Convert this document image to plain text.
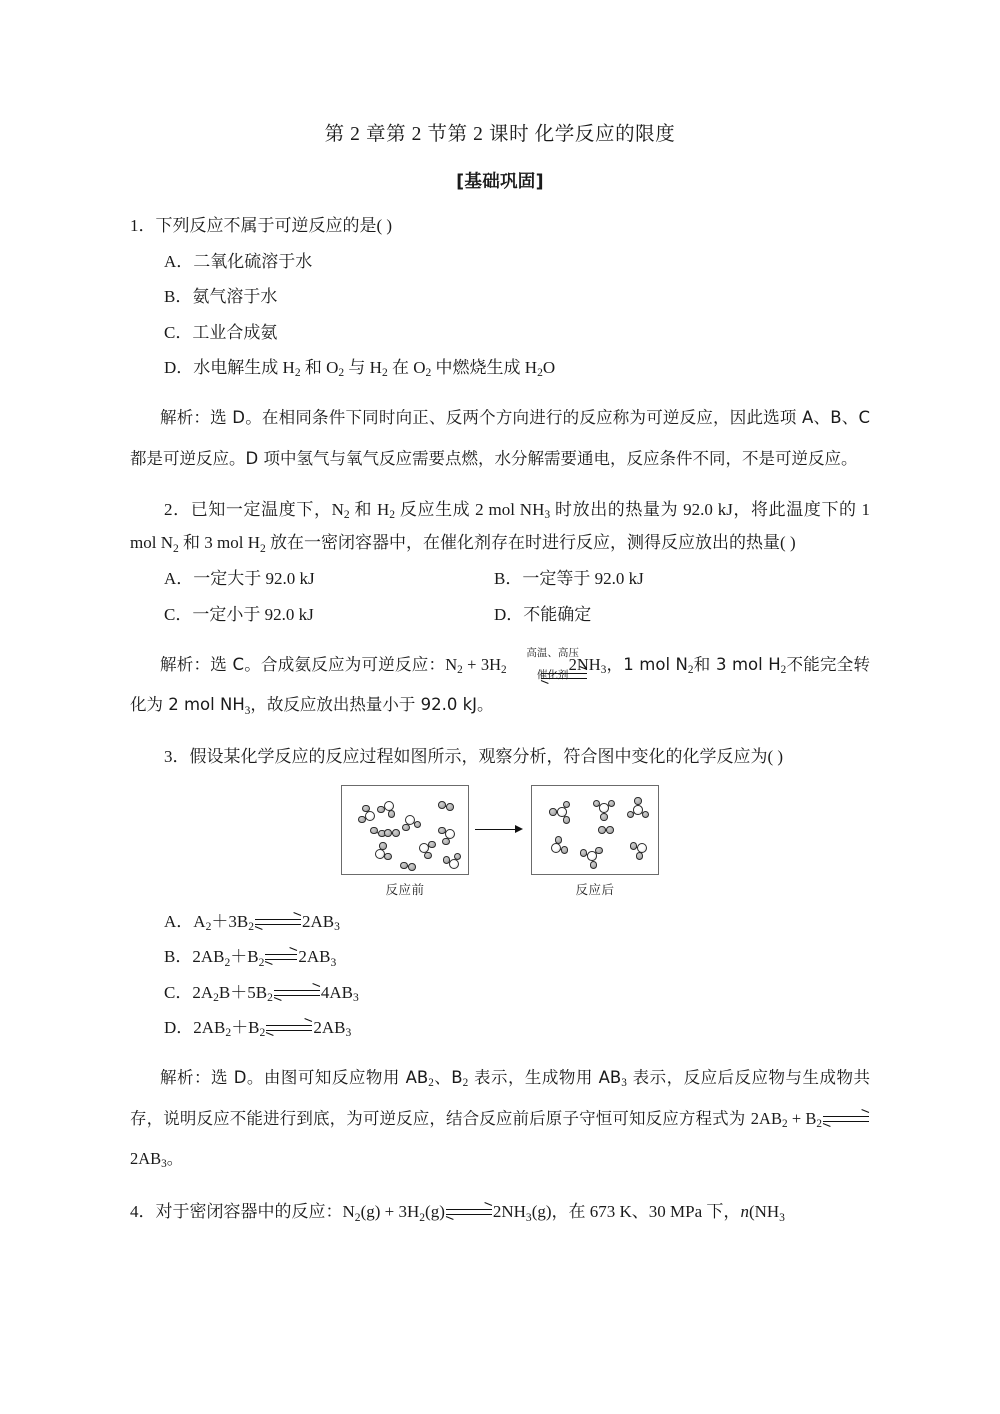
第 2 章第 2 节第 2 课时 化学反应的限度
[基础巩固]
1．下列反应不属于可逆反应的是( )
A．二氧化硫溶于水
B．氨气溶于水
C．工业合成氨
D．水电解生成 $H_2$ 和 $O_2$ 与 $H_2$ 在 $O_2$ 中燃烧生成 $H_2O$
解析：选 D。在相同条件下同时向正、反两个方向进行的反应称为可逆反应，因此选项 A、B、C 都是可逆反应。D 项中氢气与氧气反应需要点燃，水分解需要通电，反应条件不同，不是可逆反应。
2．已知一定温度下，$N_2$ 和 $H_2$ 反应生成 2 mol $NH_3$ 时放出的热量为 92.0 kJ，将此温度下的 1 mol $N_2$ 和 3 mol $H_2$ 放在一密闭容器中，在催化剂存在时进行反应，测得反应放出的热量( )
A．一定大于 92.0 kJ	B．一定等于 92.0 kJ
C．一定小于 92.0 kJ	D．不能确定
解析：选 C。合成氨反应为可逆反应：$N_2 + 3H_2$
高温、高压
催化剂
$2NH_3$，1 mol $N_2$和 3 mol $H_2$不能完全转化为 2 mol $NH_3$，故反应放出热量小于 92.0 kJ。
3．假设某化学反应的反应过程如图所示，观察分析，符合图中变化的化学反应为( )
反应前	反应后
A．$A_2+3B_2$	$2AB_3$
B．$2AB_2+B_2$ $2AB_3$
C．$2A_2B+5B_2$	$4AB_3$
D．$2AB_2+B_2$	$2AB_3$
解析：选 D。由图可知反应物用 $AB_2$、$B_2$ 表示，生成物用 $AB_3$ 表示，反应后反应物与生成物共存，说明反应不能进行到底，为可逆反应，结合反应前后原子守恒可知反应方程式为 $2AB_2 + B_2$
$2AB_3$。
4．对于密闭容器中的反应：$N_2(g) + 3H_2(g)$	$2NH_3(g)$，在 673 K、30 MPa 下，$n(NH_3$
